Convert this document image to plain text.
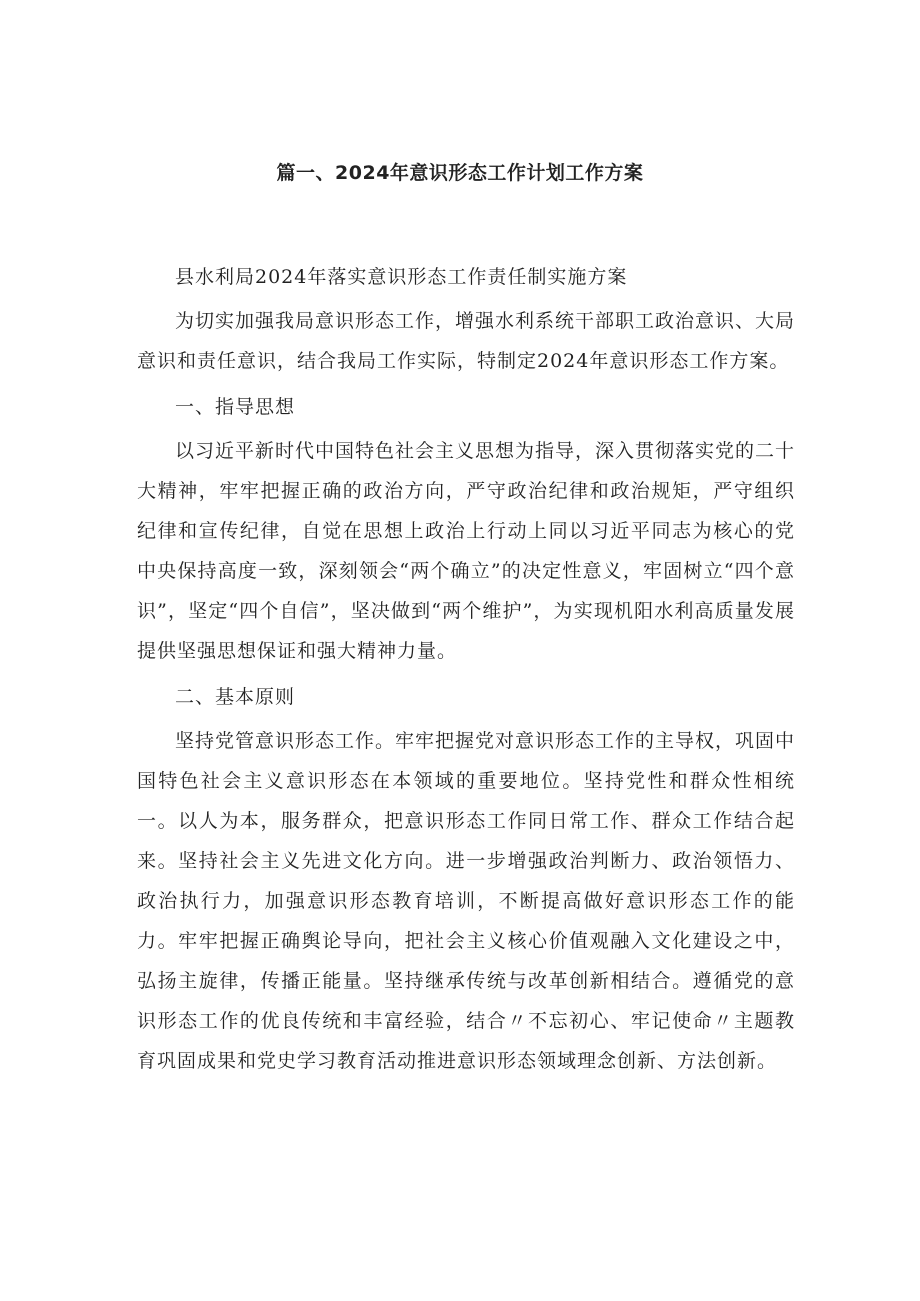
篇一、2024年意识形态工作计划工作方案

县水利局2024年落实意识形态工作责任制实施方案

为切实加强我局意识形态工作，增强水利系统干部职工政治意识、大局意识和责任意识，结合我局工作实际，特制定2024年意识形态工作方案。

一、指导思想

以习近平新时代中国特色社会主义思想为指导，深入贯彻落实党的二十大精神，牢牢把握正确的政治方向，严守政治纪律和政治规矩，严守组织纪律和宣传纪律，自觉在思想上政治上行动上同以习近平同志为核心的党中央保持高度一致，深刻领会“两个确立”的决定性意义，牢固树立“四个意识”，坚定“四个自信”，坚决做到“两个维护”，为实现机阳水利高质量发展提供坚强思想保证和强大精神力量。

二、基本原则

坚持党管意识形态工作。牢牢把握党对意识形态工作的主导权，巩固中国特色社会主义意识形态在本领域的重要地位。坚持党性和群众性相统一。以人为本，服务群众，把意识形态工作同日常工作、群众工作结合起来。坚持社会主义先进文化方向。进一步增强政治判断力、政治领悟力、政治执行力，加强意识形态教育培训，不断提高做好意识形态工作的能力。牢牢把握正确舆论导向，把社会主义核心价值观融入文化建设之中，弘扬主旋律，传播正能量。坚持继承传统与改革创新相结合。遵循党的意识形态工作的优良传统和丰富经验，结合〃不忘初心、牢记使命〃主题教育巩固成果和党史学习教育活动推进意识形态领域理念创新、方法创新。
